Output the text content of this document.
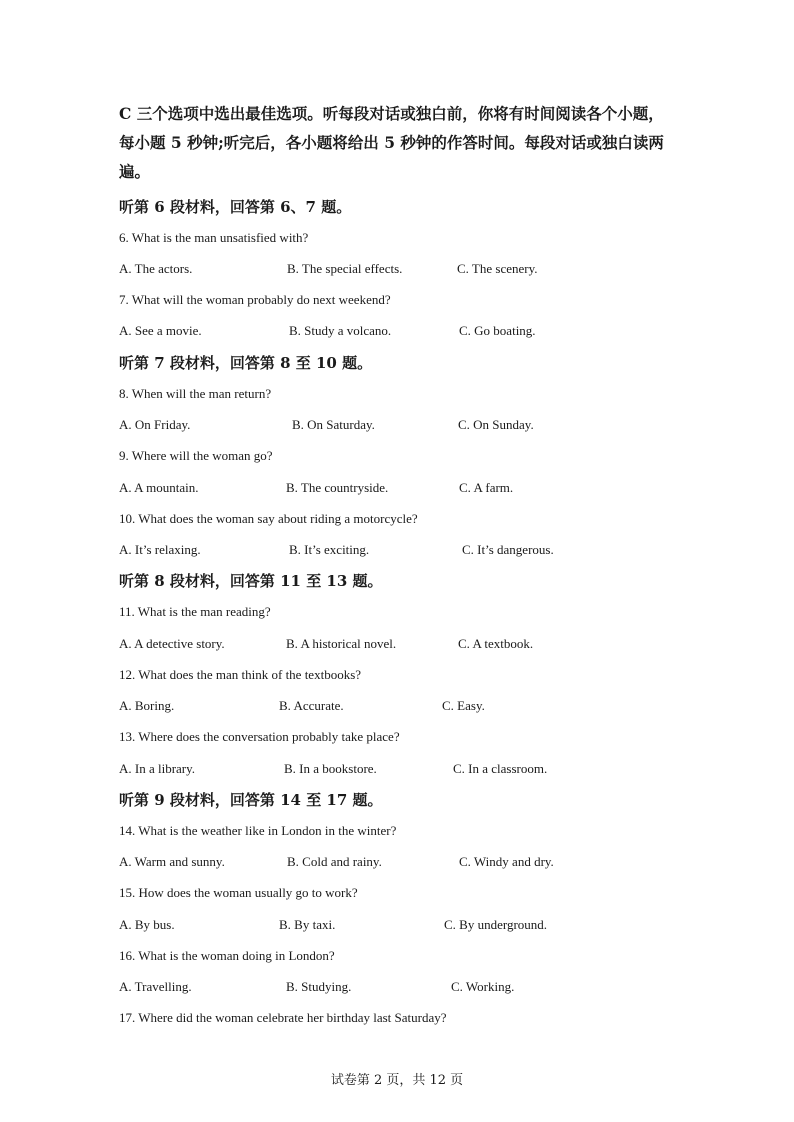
C 三个选项中选出最佳选项。听每段对话或独白前，你将有时间阅读各个小题，每小题 5 秒钟;听完后，各小题将给出 5 秒钟的作答时间。每段对话或独白读两遍。

听第 6 段材料，回答第 6、7 题。
6. What is the man unsatisfied with?
A. The actors.	B. The special effects.	C. The scenery.
7. What will the woman probably do next weekend?
A. See a movie.	B. Study a volcano.	C. Go boating.
听第 7 段材料，回答第 8 至 10 题。
8. When will the man return?
A. On Friday.	B. On Saturday.	C. On Sunday.
9. Where will the woman go?
A. A mountain.	B. The countryside.	C. A farm.
10. What does the woman say about riding a motorcycle?
A. It’s relaxing.	B. It’s exciting.	C. It’s dangerous.
听第 8 段材料，回答第 11 至 13 题。
11. What is the man reading?
A. A detective story.	B. A historical novel.	C. A textbook.
12. What does the man think of the textbooks?
A. Boring.	B. Accurate.	C. Easy.
13. Where does the conversation probably take place?
A. In a library.	B. In a bookstore.	C. In a classroom.
听第 9 段材料，回答第 14 至 17 题。
14. What is the weather like in London in the winter?
A. Warm and sunny.	B. Cold and rainy.	C. Windy and dry.
15. How does the woman usually go to work?
A. By bus.	B. By taxi.	C. By underground.
16. What is the woman doing in London?
A. Travelling.	B. Studying.	C. Working.
17. Where did the woman celebrate her birthday last Saturday?
试卷第 2 页，共 12 页
